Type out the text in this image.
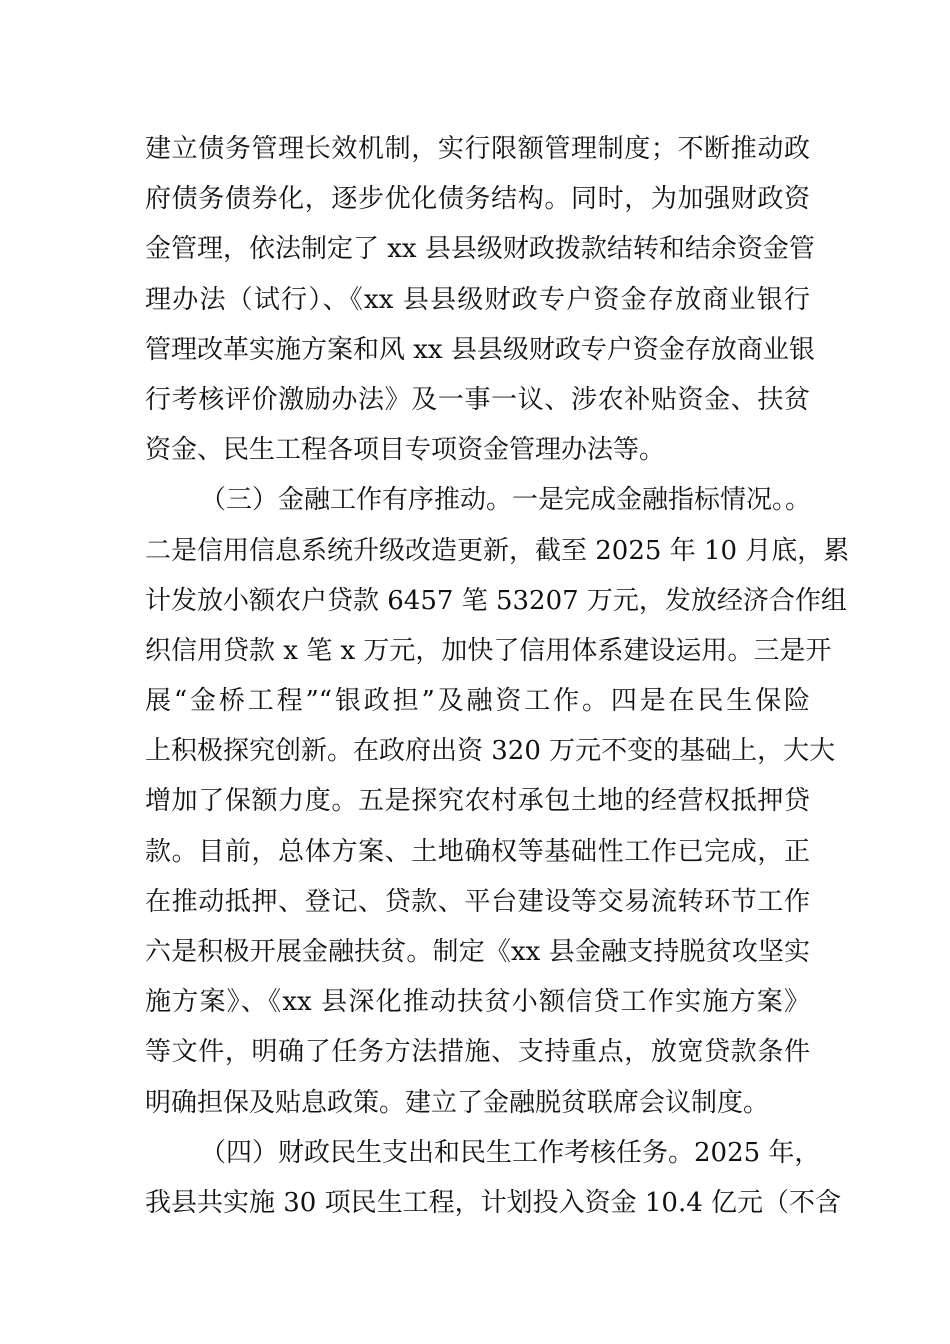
建立债务管理长效机制，实行限额管理制度；不断推动政
府债务债券化，逐步优化债务结构。同时，为加强财政资
金管理，依法制定了 xx 县县级财政拨款结转和结余资金管
理办法（试行）、《xx 县县级财政专户资金存放商业银行
管理改革实施方案和风 xx 县县级财政专户资金存放商业银
行考核评价激励办法》及一事一议、涉农补贴资金、扶贫
资金、民生工程各项目专项资金管理办法等。
（三）金融工作有序推动。一是完成金融指标情况。。
二是信用信息系统升级改造更新，截至 2025 年 10 月底，累
计发放小额农户贷款 6457 笔 53207 万元，发放经济合作组
织信用贷款 x 笔 x 万元，加快了信用体系建设运用。三是开
展“金桥工程”“银政担”及融资工作。四是在民生保险
上积极探究创新。在政府出资 320 万元不变的基础上，大大
增加了保额力度。五是探究农村承包土地的经营权抵押贷
款。目前，总体方案、土地确权等基础性工作已完成，正
在推动抵押、登记、贷款、平台建设等交易流转环节工作
六是积极开展金融扶贫。制定《xx 县金融支持脱贫攻坚实
施方案》、《xx 县深化推动扶贫小额信贷工作实施方案》
等文件，明确了任务方法措施、支持重点，放宽贷款条件
明确担保及贴息政策。建立了金融脱贫联席会议制度。
（四）财政民生支出和民生工作考核任务。2025 年，
我县共实施 30 项民生工程，计划投入资金 10.4 亿元（不含
